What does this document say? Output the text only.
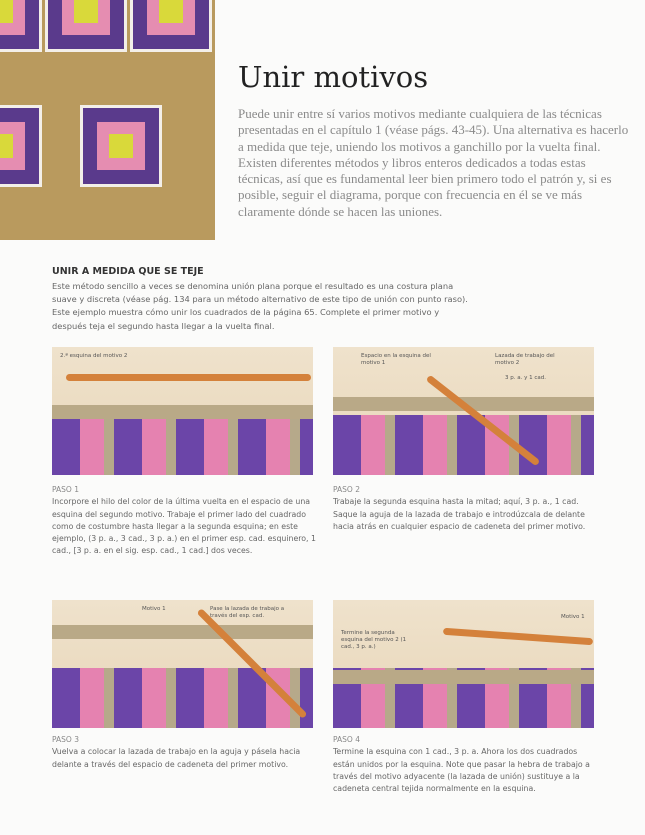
Unir motivos
Puede unir entre sí varios motivos mediante cualquiera de las técnicas presentadas en el capítulo 1 (véase págs. 43-45). Una alternativa es hacerlo a medida que teje, uniendo los motivos a ganchillo por la vuelta final. Existen diferentes métodos y libros enteros dedicados a todas estas técnicas, así que es fundamental leer bien primero todo el patrón y, si es posible, seguir el diagrama, porque con frecuencia en él se ve más claramente dónde se hacen las uniones.
UNIR A MEDIDA QUE SE TEJE
Este método sencillo a veces se denomina unión plana porque el resultado es una costura plana suave y discreta (véase pág. 134 para un método alternativo de este tipo de unión con punto raso). Este ejemplo muestra cómo unir los cuadrados de la página 65. Complete el primer motivo y después teja el segundo hasta llegar a la vuelta final.
2.ª esquina del motivo 2	Espacio en la esquina del motivo 1
Lazada de trabajo del motivo 2
3 p. a. y 1 cad.
Motivo 1	Pase la lazada de trabajo a través del esp. cad.	Motivo 1
Termine la segunda esquina del motivo 2 (1 cad., 3 p. a.)
PASO 1
Incorpore el hilo del color de la última vuelta en el espacio de una esquina del segundo motivo. Trabaje el primer lado del cuadrado como de costumbre hasta llegar a la segunda esquina; en este ejemplo, (3 p. a., 3 cad., 3 p. a.) en el primer esp. cad. esquinero, 1 cad., [3 p. a. en el sig. esp. cad., 1 cad.] dos veces.
PASO 2
Trabaje la segunda esquina hasta la mitad; aquí, 3 p. a., 1 cad. Saque la aguja de la lazada de trabajo e introdúzcala de delante hacia atrás en cualquier espacio de cadeneta del primer motivo.
PASO 3
Vuelva a colocar la lazada de trabajo en la aguja y pásela hacia delante a través del espacio de cadeneta del primer motivo.
PASO 4
Termine la esquina con 1 cad., 3 p. a. Ahora los dos cuadrados están unidos por la esquina. Note que pasar la hebra de trabajo a través del motivo adyacente (la lazada de unión) sustituye a la cadeneta central tejida normalmente en la esquina.
